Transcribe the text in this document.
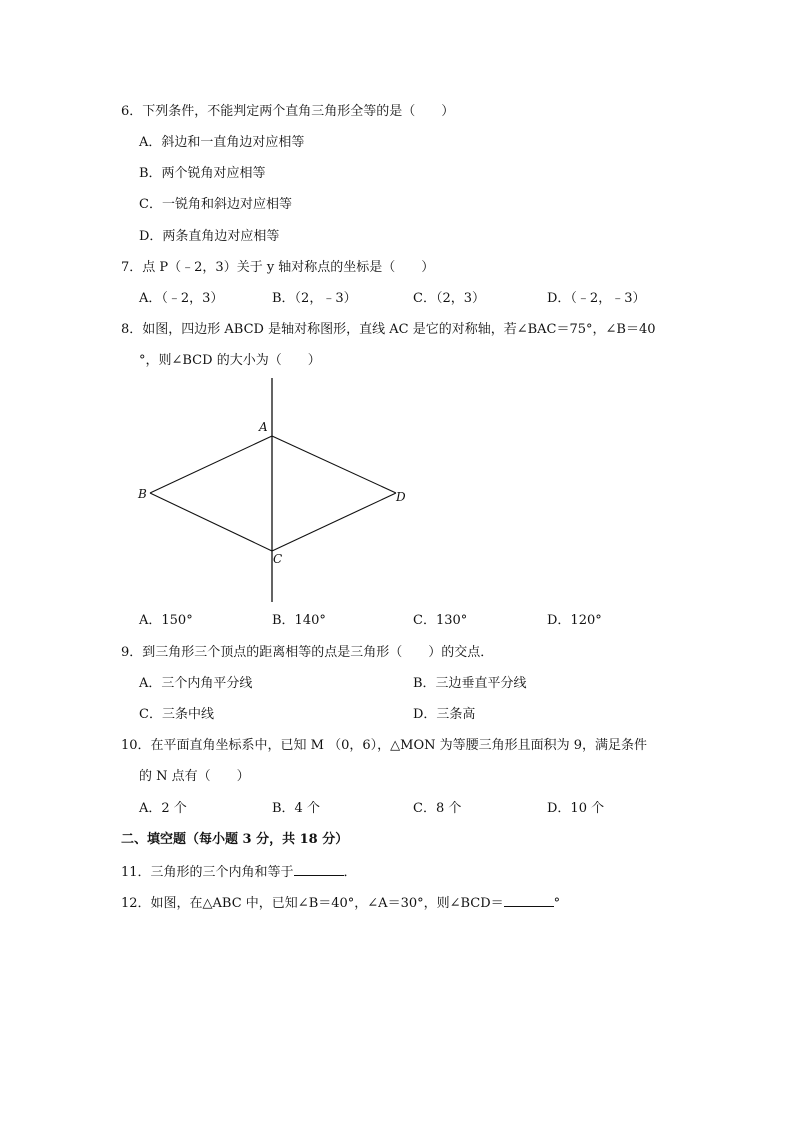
6．下列条件，不能判定两个直角三角形全等的是（　　）
A．斜边和一直角边对应相等
B．两个锐角对应相等
C．一锐角和斜边对应相等
D．两条直角边对应相等
7．点 P（﹣2，3）关于 y 轴对称点的坐标是（　　）
A．（﹣2，3）	B．（2，﹣3）	C．（2，3）	D．（﹣2，﹣3）
8．如图，四边形 ABCD 是轴对称图形，直线 AC 是它的对称轴，若∠BAC＝75°，∠B＝40
°，则∠BCD 的大小为（　　）
A
B
C
D
A．150°	B．140°	C．130°	D．120°
9．到三角形三个顶点的距离相等的点是三角形（　　）的交点．
A．三个内角平分线	B．三边垂直平分线
C．三条中线	D．三条高
10．在平面直角坐标系中，已知 M （0，6），△MON 为等腰三角形且面积为 9，满足条件
的 N 点有（　　）
A．2 个	B．4 个	C．8 个	D．10 个
二、填空题（每小题 3 分，共 18 分）
11．三角形的三个内角和等于	．
12．如图，在△ABC 中，已知∠B＝40°，∠A＝30°，则∠BCD＝	°
